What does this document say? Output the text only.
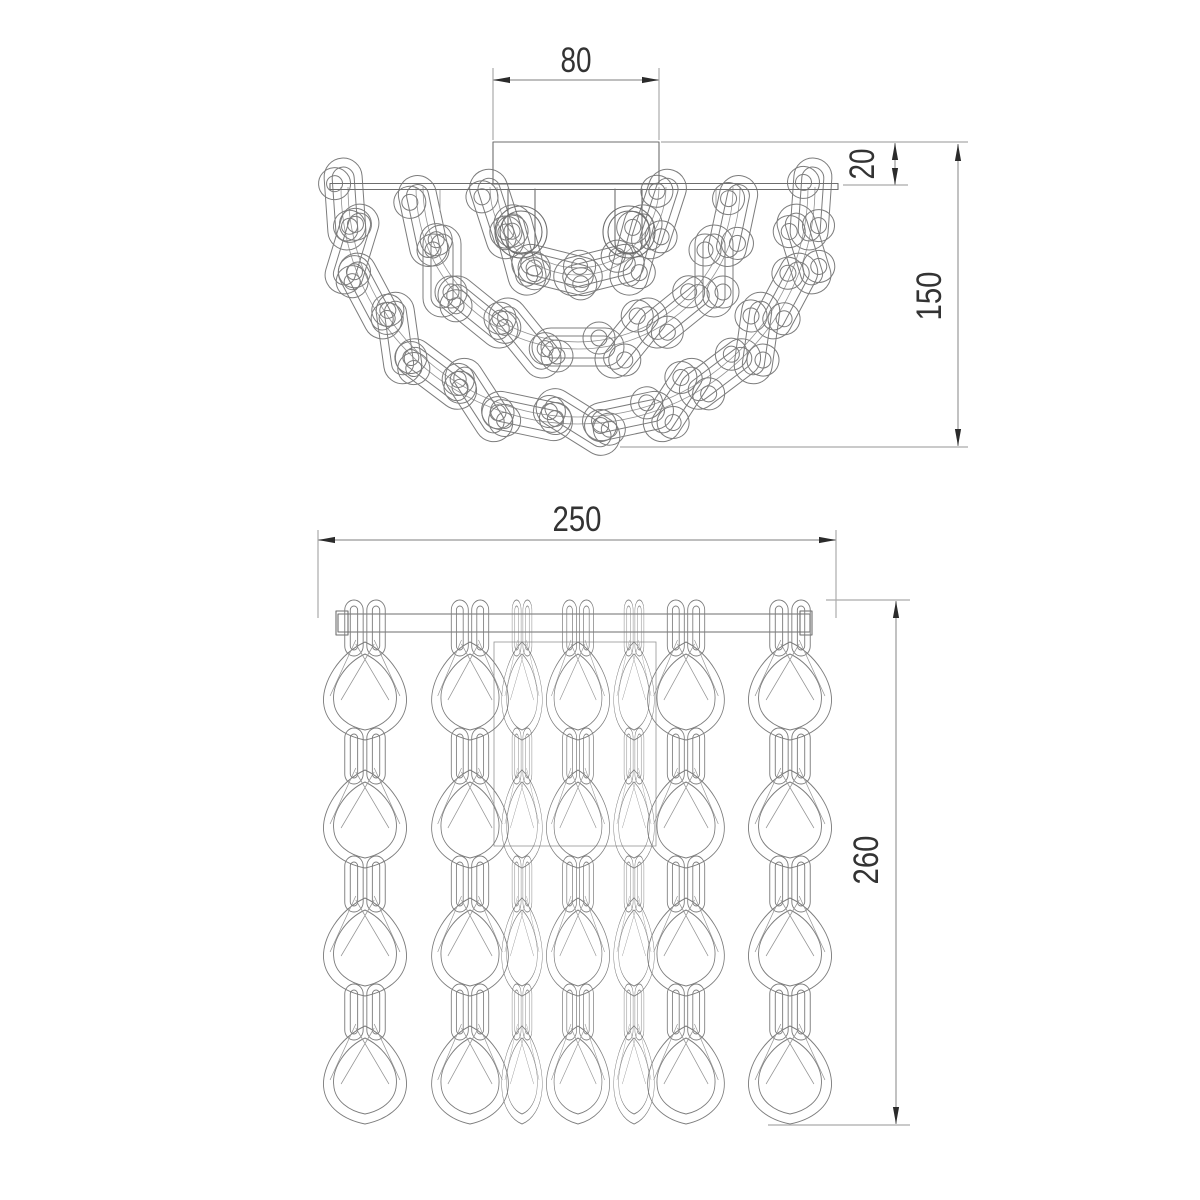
80
20
150
250
260
